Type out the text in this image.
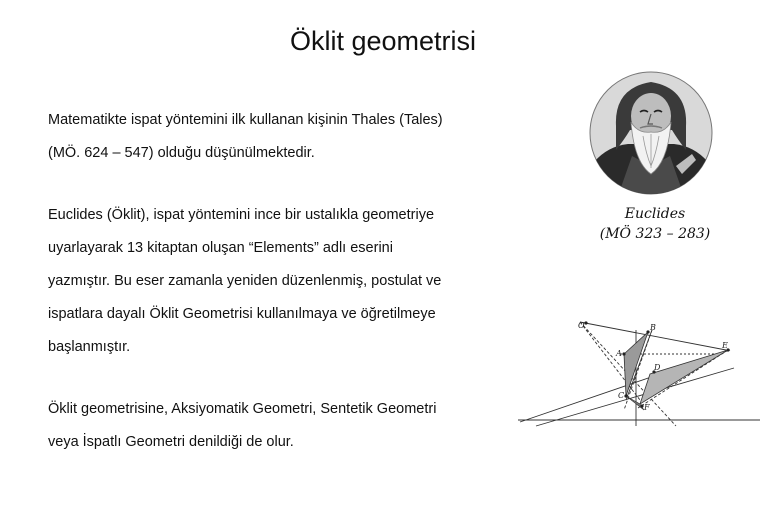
Öklit geometrisi
Matematikte ispat yöntemini ilk kullanan kişinin Thales (Tales)
(MÖ. 624 – 547) olduğu düşünülmektedir.
Euclides (Öklit), ispat yöntemini ince bir ustalıkla geometriye
uyarlayarak 13 kitaptan oluşan “Elements” adlı eserini
yazmıştır. Bu eser zamanla yeniden düzenlenmiş, postulat ve
ispatlara dayalı Öklit Geometrisi kullanılmaya ve öğretilmeye
başlanmıştır.
Öklit geometrisine, Aksiyomatik Geometri, Sentetik Geometri
veya İspatlı Geometri denildiği de olur.
Euclides
(MÖ 323 – 283)
O	B
A
E
D
C
F
